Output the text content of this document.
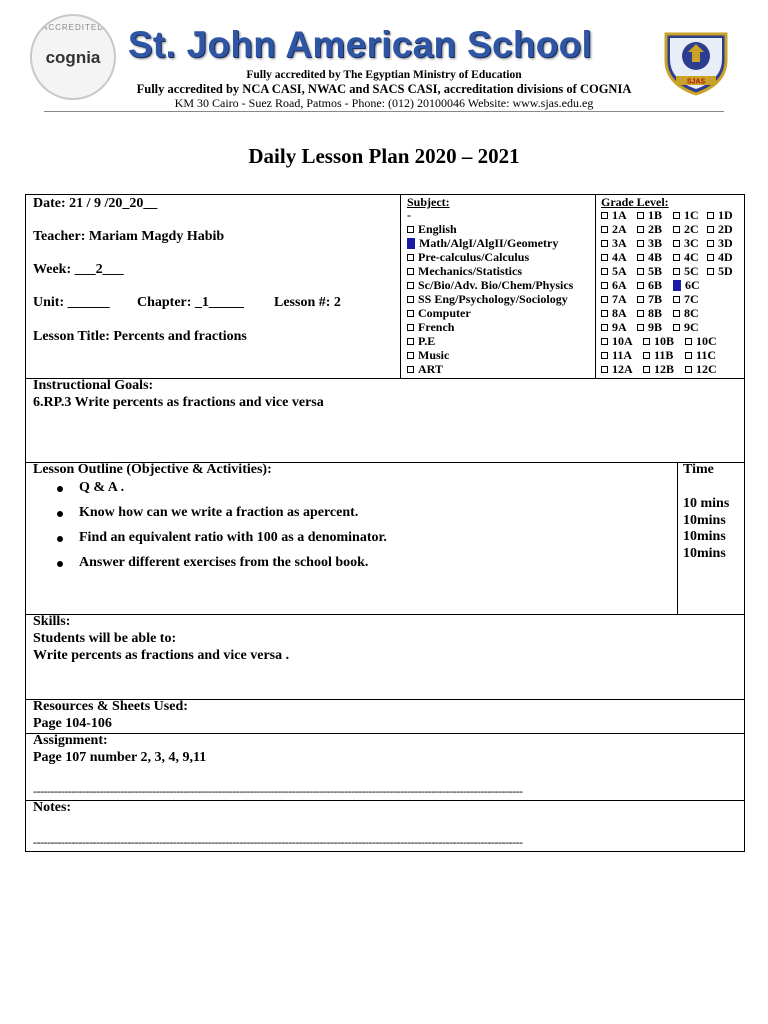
ACCREDITED
cognia St. John American School
SJAS
Fully accredited by The Egyptian Ministry of Education
Fully accredited by NCA CASI, NWAC and SACS CASI, accreditation divisions of COGNIA
KM 30 Cairo - Suez Road, Patmos - Phone: (012) 20100046 Website: www.sjas.edu.eg
Daily Lesson Plan 2020 – 2021
Date: 21 / 9 /20_20__
Teacher: Mariam Magdy Habib
Week: ___2___
Unit: ______ Chapter: _1_____ Lesson #: 2
Lesson Title: Percents and fractions
Subject:
-
English
Math/AlgI/AlgII/Geometry
Pre-calculus/Calculus
Mechanics/Statistics
Sc/Bio/Adv. Bio/Chem/Physics
SS Eng/Psychology/Sociology
Computer
French
P.E
Music
ART
Grade Level:
1A 1B 1C 1D
2A 2B 2C 2D
3A 3B 3C 3D
4A 4B 4C 4D
5A 5B 5C 5D
6A 6B 6C
7A 7B 7C
8A 8B 8C
9A 9B 9C
10A 10B 10C
11A 11B 11C
12A 12B 12C
Instructional Goals:
6.RP.3 Write percents as fractions and vice versa
Lesson Outline (Objective & Activities):
Q & A .
Know how can we write a fraction as apercent.
Find an equivalent ratio with 100 as a denominator.
Answer different exercises from the school book.
Time
10 mins
10mins
10mins
10mins
Skills:
Students will be able to:
Write percents as fractions and vice versa .
Resources & Sheets Used:
Page 104-106
Assignment:
Page 107 number 2, 3, 4, 9,11
--------------------------------------------------------------------------------------------------------------------------------------------
Notes:
--------------------------------------------------------------------------------------------------------------------------------------------
